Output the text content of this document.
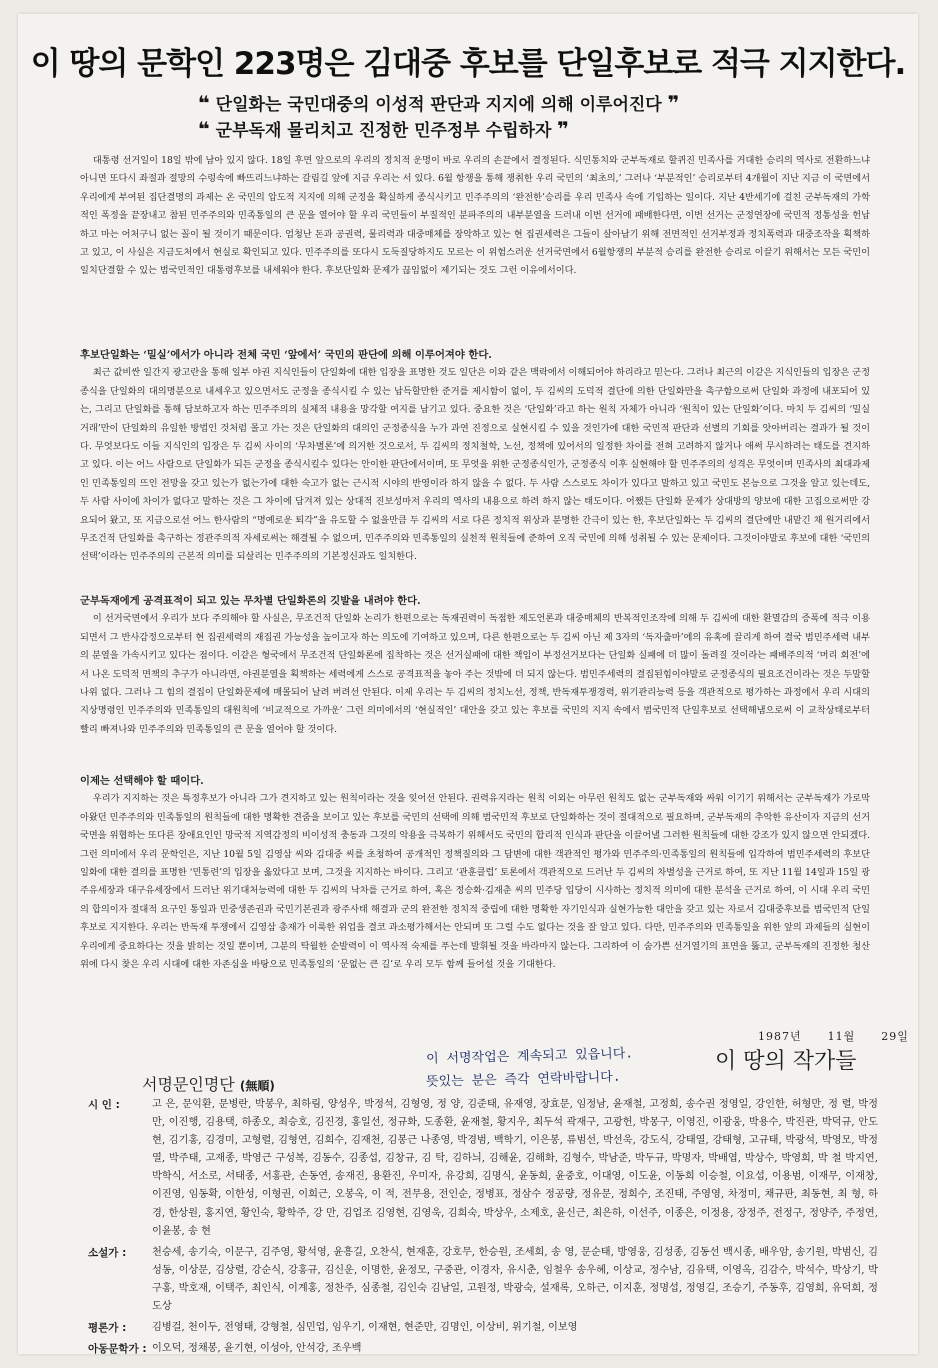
이 땅의 문학인 223명은 김대중 후보를 단일후보로 적극 지지한다.
❝ 단일화는 국민대중의 이성적 판단과 지지에 의해 이루어진다 ❞
❝ 군부독재 물리치고 진정한 민주정부 수립하자 ❞

대통령 선거일이 18일 밖에 남아 있지 않다. 18일 후면 앞으로의 우리의 정치적 운명이 바로 우리의 손끝에서 결정된다. 식민통치와 군부독재로 할퀴진 민족사를 거대한 승리의 역사로 전환하느냐 아니면 또다시 좌절과 절망의 수렁속에 빠뜨리느냐하는 갈림길 앞에 지금 우리는 서 있다. 6월 항쟁을 통해 쟁취한 우리 국민의 ‘최초의,’ 그러나 ‘부분적인’ 승리로부터 4개월이 지난 지금 이 국면에서 우리에게 부여된 집단결명의 과제는 온 국민의 압도적 지지에 의해 군정을 확실하게 종식시키고 민주주의의 ‘완전한’승리를 우리 민족사 속에 기입하는 일이다. 지난 4반세기에 걸친 군부독재의 가학적인 폭정을 끝장내고 참된 민주주의와 민족통일의 큰 문을 열어야 할 우리 국민들이 부질적인 분파주의의 내부분열을 드러내 이번 선거에 패배한다면, 이번 선거는 군정연장에 국민적 정통성을 헌납하고 마는 어처구니 없는 꼴이 될 것이기 때문이다. 엄청난 돈과 공권력, 물리력과 대중매체를 장악하고 있는 현 집권세력은 그들이 살아남기 위해 전면적인 선거부정과 정치폭력과 대중조작을 획책하고 있고, 이 사실은 지금도처에서 현실로 확인되고 있다. 민주주의를 또다시 도둑질당하지도 모르는 이 위험스러운 선거국면에서 6월항쟁의 부분적 승리를 완전한 승리로 이끌기 위해서는 모든 국민이 일치단결할 수 있는 범국민적인 대통령후보를 내세워야 한다. 후보단일화 문제가 끊임없이 제기되는 것도 그런 이유에서이다.

후보단일화는 ‘밀실’에서가 아니라 전체 국민 ‘앞에서’ 국민의 판단에 의해 이루어져야 한다.

최근 값비싼 일간지 광고란을 통해 일부 야권 지식인들이 단일화에 대한 입장을 표명한 것도 일단은 이와 같은 맥락에서 이해되어야 하리라고 믿는다. 그러나 최근의 이같은 지식인들의 입장은 군정종식을 단일화의 대의명분으로 내세우고 있으면서도 군정을 종식시킬 수 있는 납득할만한 준거를 제시함이 없이, 두 김씨의 도덕적 결단에 의한 단일화만을 촉구함으로써 단일화 과정에 내포되어 있는, 그리고 단일화를 통해 담보하고자 하는 민주주의의 실체적 내용을 망각할 여지를 남기고 있다. 중요한 것은 ‘단일화’라고 하는 원칙 자체가 아니라 ‘원칙이 있는 단일화’이다. 마치 두 김씨의 ‘밀실거래’만이 단일화의 유일한 방법인 것처럼 몰고 가는 것은 단일화의 대의인 군정종식을 누가 과연 진정으로 실현시킬 수 있을 것인가에 대한 국민적 판단과 선별의 기회를 앗아버리는 결과가 될 것이다. 무엇보다도 이들 지식인의 입장은 두 김씨 사이의 ‘무차별론’에 의거한 것으로서, 두 김씨의 정치철학, 노선, 정책에 있어서의 일정한 차이를 전혀 고려하지 않거나 애써 무시하려는 태도를 견지하고 있다. 이는 어느 사람으로 단일화가 되든 군정을 종식시킬수 있다는 안이한 판단에서이며, 또 무엇을 위한 군정종식인가, 군정종식 이후 실현해야 할 민주주의의 성격은 무엇이며 민족사의 최대과제인 민족통일의 뜨인 전망을 갖고 있는가 없는가에 대한 숙고가 없는 근시적 시야의 반영이라 하지 않을 수 없다. 두 사람 스스로도 차이가 있다고 말하고 있고 국민도 본능으로 그것을 알고 있는데도, 두 사람 사이에 차이가 없다고 말하는 것은 그 차이에 담겨져 있는 상대적 진보성마저 우리의 역사의 내용으로 하려 하지 않는 태도이다. 어쨌든 단일화 문제가 상대방의 양보에 대한 고집으로써만 강요되어 왔고, 또 지금으로선 어느 한사람의 “명예로운 퇴각”을 유도할 수 없을만큼 두 김씨의 서로 다른 정치적 위상과 분명한 간극이 있는 한, 후보단일화는 두 김씨의 결단에만 내맡긴 채 원거리에서 무조건적 단일화를 촉구하는 정관주의적 자세로써는 해결될 수 없으며, 민주주의와 민족통일의 실천적 원칙들에 준하여 오직 국민에 의해 성취될 수 있는 문제이다. 그것이야말로 후보에 대한 ‘국민의 선택’이라는 민주주의의 근본적 의미를 되살리는 민주주의의 기본정신과도 일치한다.

군부독재에게 공격표적이 되고 있는 무차별 단일화론의 깃발을 내려야 한다.

이 선거국면에서 우리가 보다 주의해야 할 사실은, 무조건적 단일화 논리가 한편으로는 독재권력이 독점한 제도언론과 대중매체의 반복적인조작에 의해 두 김씨에 대한 환멸감의 증폭에 적극 이용되면서 그 반사감정으로부터 현 집권세력의 재집권 가능성을 높이고자 하는 의도에 기여하고 있으며, 다른 한편으로는 두 김씨 아닌 제 3자의 ‘독자출마’에의 유혹에 끌리게 하여 결국 범민주세력 내부의 분열을 가속시키고 있다는 점이다. 이같은 형국에서 무조건적 단일화론에 집착하는 것은 선거실패에 대한 책임이 부정선거보다는 단일화 실패에 더 많이 돌려질 것이라는 패배주의적 ‘머리 회전’에서 나온 도덕적 면책의 추구가 아니라면, 야권분열을 획책하는 세력에게 스스로 공격표적을 놓아 주는 것밖에 더 되지 않는다. 범민주세력의 결집된힘이야말로 군정종식의 필요조건이라는 것은 두말할 나위 없다. 그러나 그 힘의 결집이 단일화문제에 매몰되어 날려 버려선 안된다. 이제 우리는 두 김씨의 정치노선, 정책, 반독재투쟁경력, 위기관리능력 등을 객관적으로 평가하는 과정에서 우리 시대의 지상명령인 민주주의와 민족통일의 대원칙에 ‘비교적으로 가까운’ 그런 의미에서의 ‘현실적인’ 대안을 갖고 있는 후보를 국민의 지지 속에서 범국민적 단일후보로 선택해냄으로써 이 교착상태로부터 빨리 빠져나와 민주주의와 민족통일의 큰 문을 열어야 할 것이다.

이제는 선택해야 할 때이다.

우리가 지지하는 것은 특정후보가 아니라 그가 견지하고 있는 원칙이라는 것을 잊어선 안된다. 권력유지라는 원칙 이외는 아무런 원칙도 없는 군부독재와 싸워 이기기 위해서는 군부독재가 가로막아왔던 민주주의와 민족통일의 원칙들에 대한 명확한 견줌을 보이고 있는 후보를 국민의 선택에 의해 범국민적 후보로 단일화하는 것이 절대적으로 필요하며, 군부독재의 추악한 유산이자 지금의 선거국면을 위협하는 또다른 장애요인인 망국적 지역감정의 비이성적 충동과 그것의 악용을 극복하기 위해서도 국민의 합리적 인식과 판단을 이끌어낼 그러한 원칙들에 대한 강조가 있지 않으면 안되겠다. 그런 의미에서 우리 문학인은, 지난 10월 5일 김영삼 씨와 김대중 씨를 초청하여 공개적인 정책질의와 그 답변에 대한 객관적인 평가와 민주주의·민족통일의 원칙들에 입각하여 범민주세력의 후보단일화에 대한 결의를 표명한 ‘민통련’의 입장을 옳았다고 보며, 그것을 지지하는 바이다. 그리고 ‘관훈클럽’ 토론에서 객관적으로 드러난 두 김씨의 차별성을 근거로 하여, 또 지난 11월 14일과 15일 광주유세장과 대구유세장에서 드러난 위기대처능력에 대한 두 김씨의 낙차를 근거로 하여, 혹은 정승화·김재춘 씨의 민주당 입당이 시사하는 정치적 의미에 대한 분석을 근거로 하여, 이 시대 우리 국민의 합의이자 절대적 요구인 통일과 민중생존권과 국민기본권과 광주사태 해결과 군의 완전한 정치적 중립에 대한 명확한 자기인식과 실현가능한 대안을 갖고 있는 자로서 김대중후보를 범국민적 단일후보로 지지한다. 우리는 반독재 투쟁에서 김영삼 총재가 이룩한 위업을 결코 과소평가해서는 안되며 또 그럴 수도 없다는 것을 잘 알고 있다. 다만, 민주주의와 민족통일을 위한 앞의 과제들의 실현이 우리에게 중요하다는 것을 밝히는 것일 뿐이며, 그분의 탁월한 순발력이 이 역사적 숙제를 푸는데 발휘될 것을 바라마지 않는다. 그리하여 이 숨가쁜 선거열기의 표면을 뚫고, 군부독재의 진정한 청산 위에 다시 찾은 우리 시대에 대한 자존심을 바탕으로 민족통일의 ‘문없는 큰 길’로 우리 모두 함께 들어설 것을 기대한다.

1987년 11월 29일
이 땅의 작가들
이 서명작업은 계속되고 있읍니다.
뜻있는 분은 즉각 연락바랍니다.
서명문인명단 (無順)
시 인 :	고 은, 문익환, 문병란, 박봉우, 최하림, 양성우, 박정석, 김형영, 정 양, 김준태, 유재영, 장효문, 임정남, 윤재철, 고정희, 송수권 정영일, 강인한, 허형만, 정 렬, 박정만, 이진행, 김용택, 하종오, 최승호, 김진경, 홍일선, 정규화, 도종환, 윤재철, 황지우, 최두석 곽재구, 고광헌, 박몽구, 이영진, 이광웅, 박용수, 박진관, 박덕규, 안도현, 김기홍, 김경미, 고형렬, 김형연, 김희수, 김재천, 김봉근 나종영, 박경범, 백학기, 이은봉, 류범선, 박선욱, 강도식, 강태열, 강태형, 고규태, 박광석, 박영모, 박정열, 박주태, 고재종, 박영근 구성복, 김동수, 김종섭, 김창규, 김 탁, 김하늬, 김해윤, 김해화, 김형수, 박남준, 박두규, 박명자, 박배엽, 박상수, 박영희, 박 철 박지연, 박학식, 서소로, 서태종, 서홍관, 손동연, 송재진, 용환진, 우미자, 유강희, 김명식, 윤동희, 윤중호, 이대영, 이도윤, 이동희 이승철, 이요섭, 이용범, 이재무, 이재창, 이진영, 임동확, 이한성, 이형권, 이희근, 오봉옥, 이 적, 전무용, 전인순, 정병표, 정삼수 정공량, 정유문, 정희수, 조진태, 주영영, 차정미, 채규판, 최동현, 최 형, 하 경, 한상원, 홍지연, 황인숙, 황학주, 강 만, 김업조 김영현, 김영욱, 김희숙, 박상우, 소제호, 윤신근, 최은하, 이선주, 이종은, 이정용, 장정주, 전정구, 정양주, 주정연, 이윤봉, 송 현
소설가 :	천승세, 송기숙, 이문구, 김주영, 황석영, 윤흥길, 오찬식, 현재훈, 강호무, 한승원, 조세희, 송 영, 문순태, 방영웅, 김성종, 김동선 백시종, 배우암, 송기원, 박범신, 김성동, 이상문, 김상렬, 강순식, 강홍규, 김신운, 이명한, 윤정모, 구중관, 이경자, 유시춘, 임철우 송우혜, 이상교, 정수남, 김유택, 이영옥, 김감수, 박석수, 박상기, 박구홍, 박호재, 이택주, 최인식, 이계홍, 정찬주, 심종철, 김인숙 김남일, 고원정, 박광숙, 설재록, 오하근, 이지훈, 정명섭, 정영길, 조승기, 주동후, 김영희, 유덕희, 정도상
평론가 :	김병걸, 천이두, 전영태, 강형철, 심민업, 임우기, 이재현, 현준만, 김명인, 이상비, 위기철, 이보영
아동문학가 : 이오덕, 정채봉, 윤기현, 이성아, 안석강, 조우백
